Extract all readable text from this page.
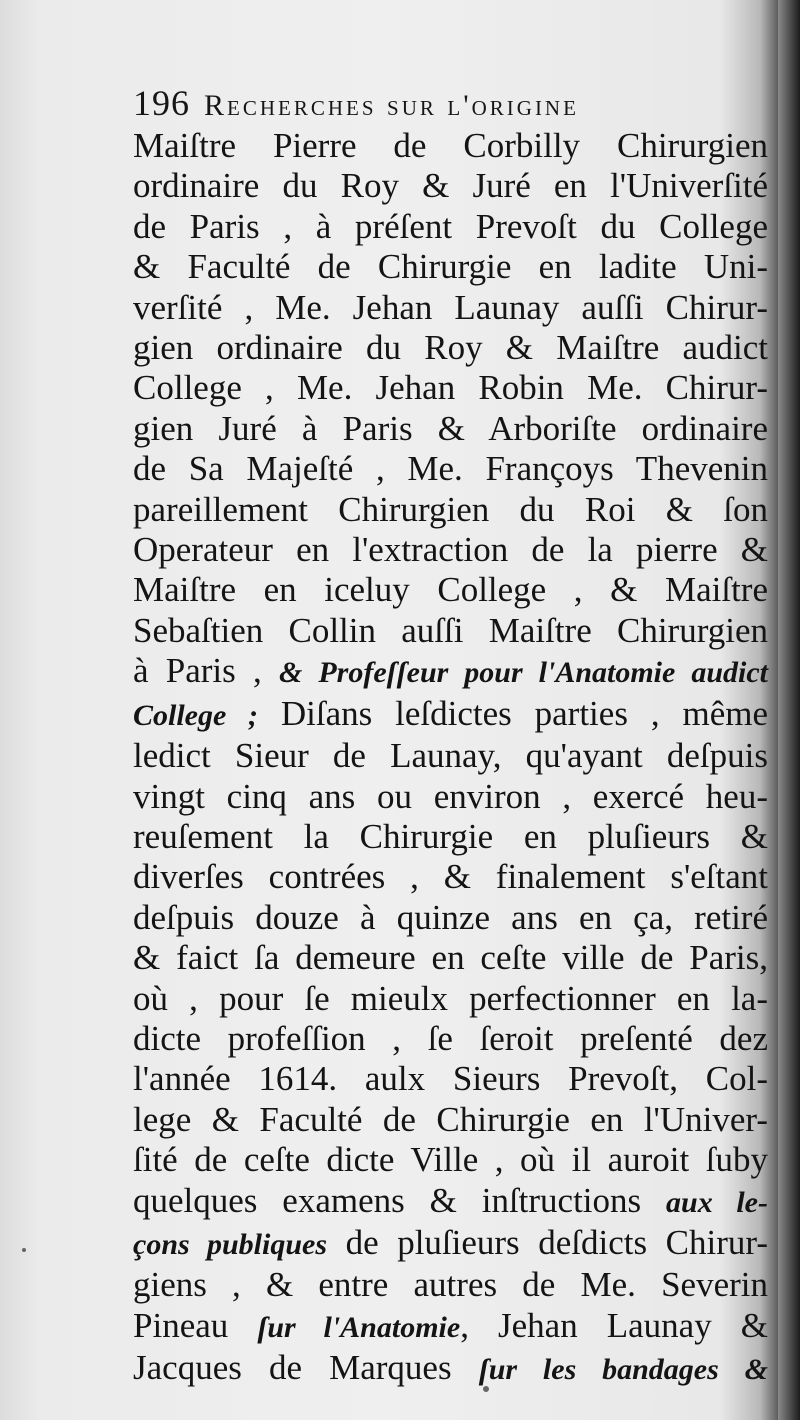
196 Recherches sur l'origine
Maiſtre Pierre de Corbilly Chirurgien
ordinaire du Roy & Juré en l'Univerſité
de Paris , à préſent Prevoſt du College
& Faculté de Chirurgie en ladite Uni-
verſité , Me. Jehan Launay auſſi Chirur-
gien ordinaire du Roy & Maiſtre audict
College , Me. Jehan Robin Me. Chirur-
gien Juré à Paris & Arboriſte ordinaire
de Sa Majeſté , Me. Françoys Thevenin
pareillement Chirurgien du Roi & ſon
Operateur en l'extraction de la pierre &
Maiſtre en iceluy College , & Maiſtre
Sebaſtien Collin auſſi Maiſtre Chirurgien
à Paris , & Profeſſeur pour l'Anatomie audict
College ; Diſans leſdictes parties , même
ledict Sieur de Launay, qu'ayant deſpuis
vingt cinq ans ou environ , exercé heu-
reuſement la Chirurgie en pluſieurs &
diverſes contrées , & finalement s'eſtant
deſpuis douze à quinze ans en ça, retiré
& faict ſa demeure en ceſte ville de Paris,
où , pour ſe mieulx perfectionner en la-
dicte profeſſion , ſe ſeroit preſenté dez
l'année 1614. aulx Sieurs Prevoſt, Col-
lege & Faculté de Chirurgie en l'Univer-
ſité de ceſte dicte Ville , où il auroit ſuby
quelques examens & inſtructions aux le-
çons publiques de pluſieurs deſdicts Chirur-
giens , & entre autres de Me. Severin
Pineau ſur l'Anatomie, Jehan Launay &
Jacques de Marques ſur les bandages &
